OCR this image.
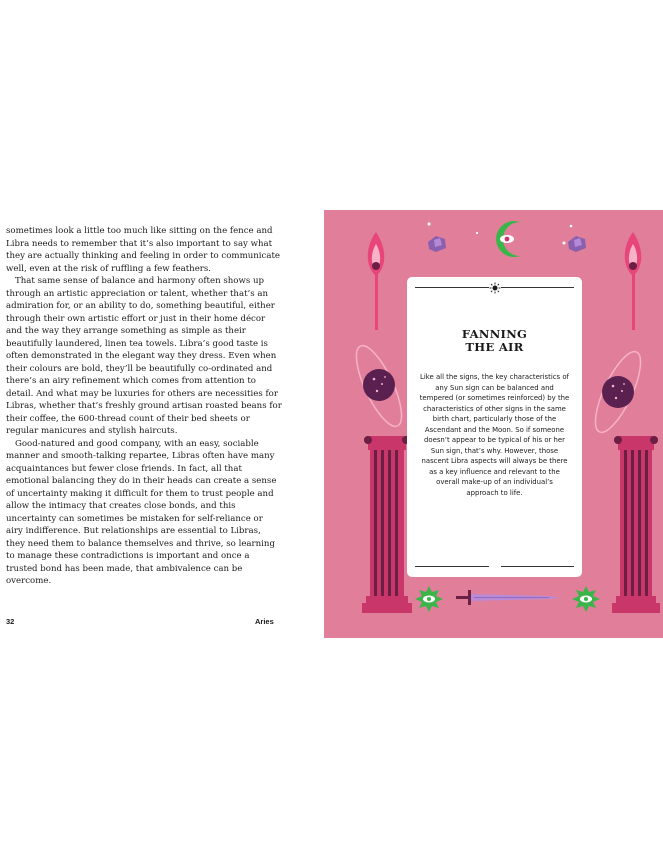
sometimes look a little too much like sitting on the fence and Libra needs to remember that it’s also important to say what they are actually thinking and feeling in order to communicate well, even at the risk of ruffling a few feathers.

That same sense of balance and harmony often shows up through an artistic appreciation or talent, whether that’s an admiration for, or an ability to do, something beautiful, either through their own artistic effort or just in their home décor and the way they arrange something as simple as their beautifully laundered, linen tea towels. Libra’s good taste is often demonstrated in the elegant way they dress. Even when their colours are bold, they’ll be beautifully co-ordinated and there’s an airy refinement which comes from attention to detail. And what may be luxuries for others are necessities for Libras, whether that’s freshly ground artisan roasted beans for their coffee, the 600-thread count of their bed sheets or regular manicures and stylish haircuts.

Good-natured and good company, with an easy, sociable manner and smooth-talking repartee, Libras often have many acquaintances but fewer close friends. In fact, all that emotional balancing they do in their heads can create a sense of uncertainty making it difficult for them to trust people and allow the intimacy that creates close bonds, and this uncertainty can sometimes be mistaken for self-reliance or airy indifference. But relationships are essential to Libras, they need them to balance themselves and thrive, so learning to manage these contradictions is important and once a trusted bond has been made, that ambivalence can be overcome.

32	Aries
FANNING
THE AIR
Like all the signs, the key characteristics of any Sun sign can be balanced and tempered (or sometimes reinforced) by the characteristics of other signs in the same birth chart, particularly those of the Ascendant and the Moon. So if someone doesn’t appear to be typical of his or her Sun sign, that’s why. However, those nascent Libra aspects will always be there as a key influence and relevant to the overall make-up of an individual’s approach to life.
